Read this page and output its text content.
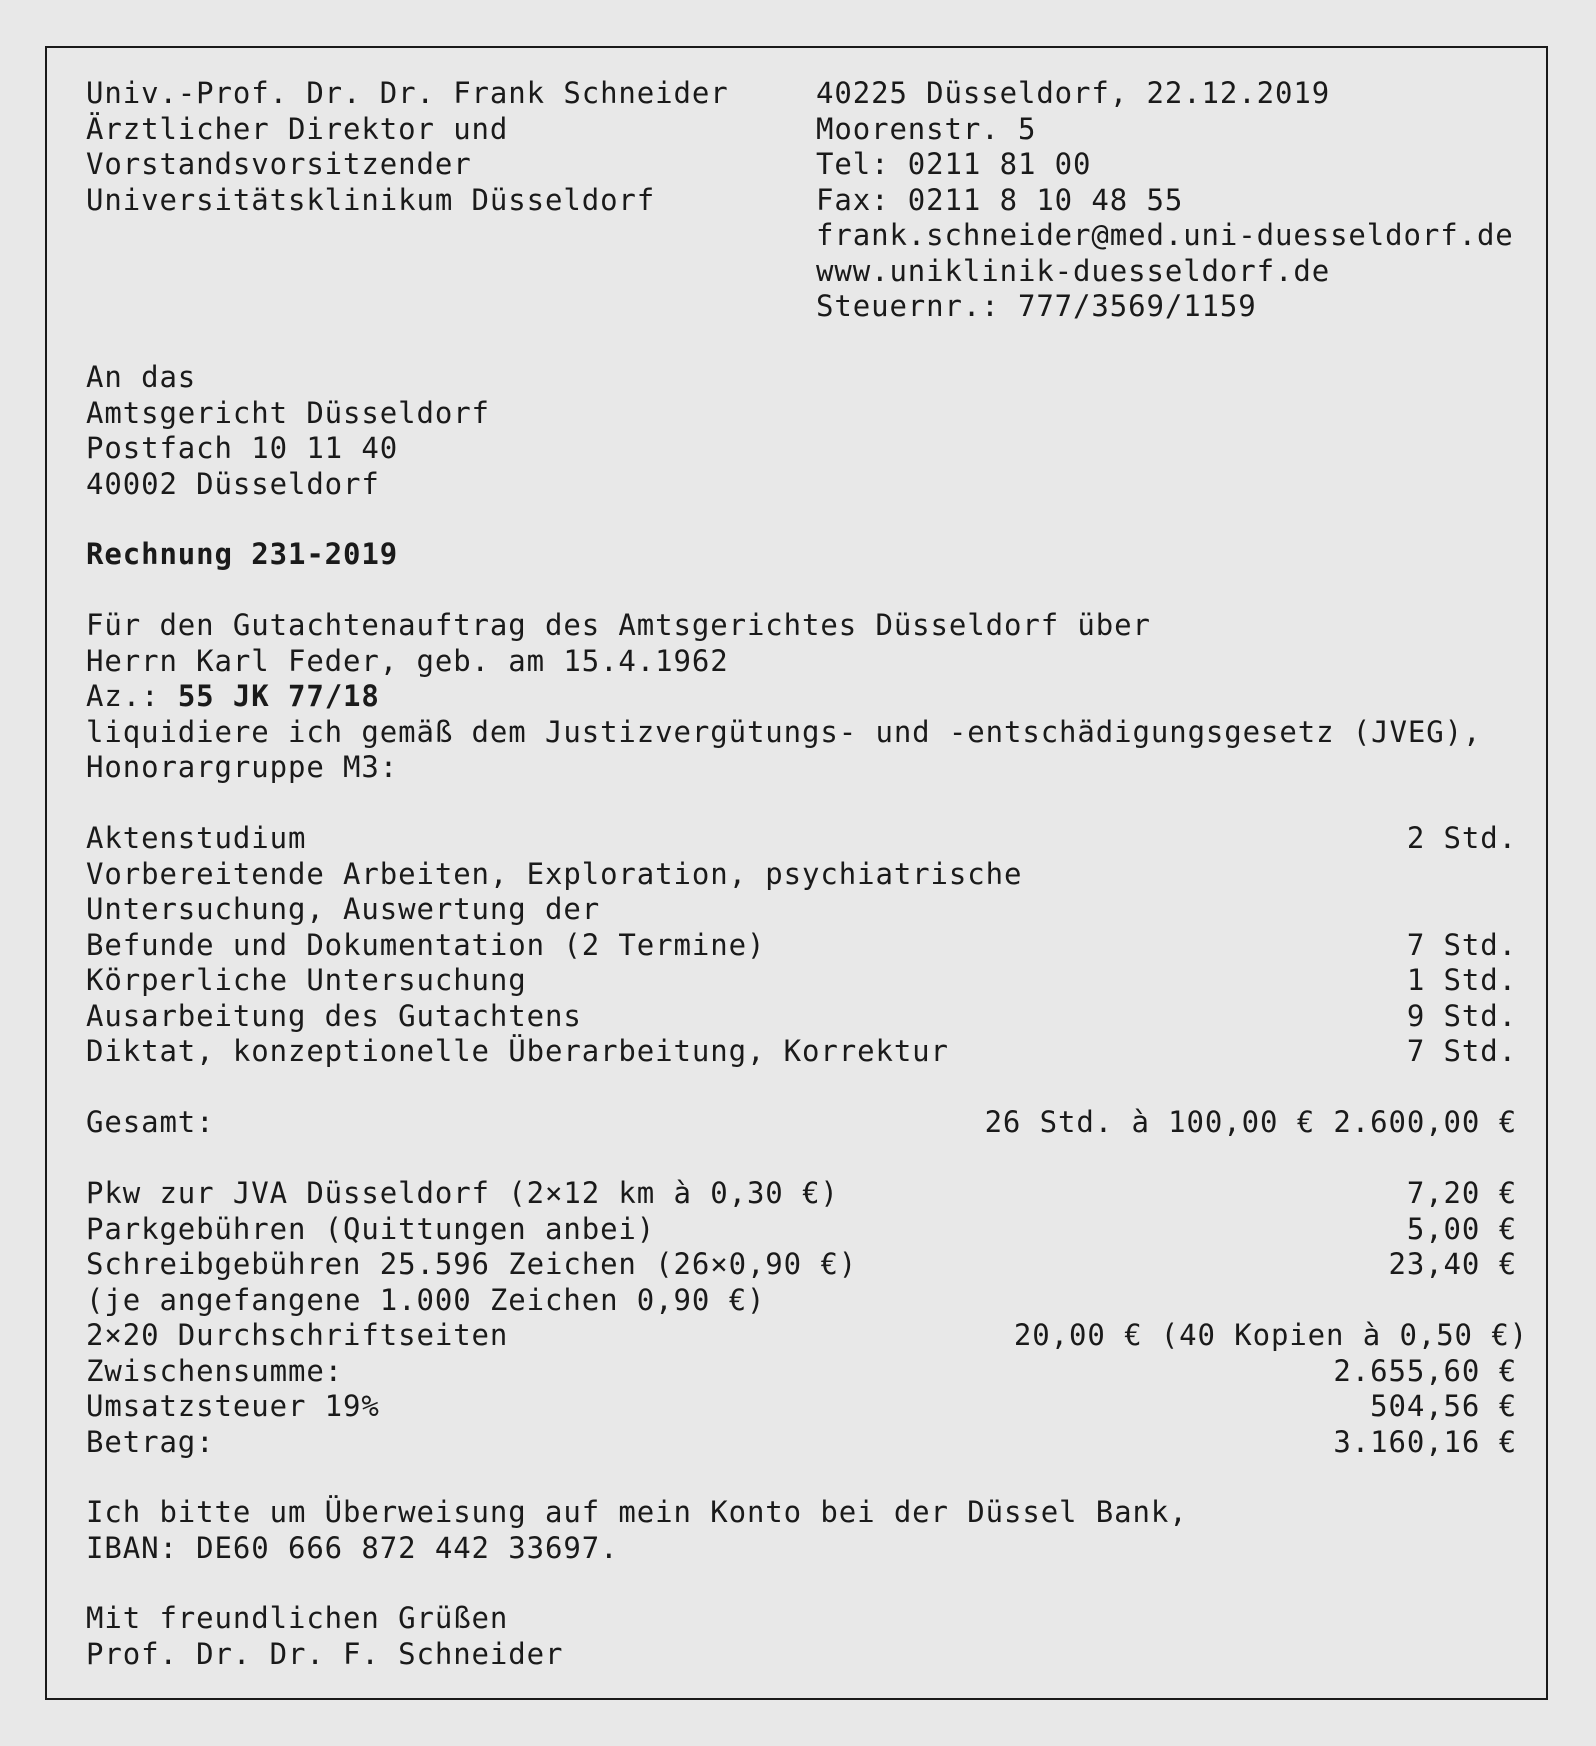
Univ.-Prof. Dr. Dr. Frank Schneider
Ärztlicher Direktor und
Vorstandsvorsitzender
Universitätsklinikum Düsseldorf
40225 Düsseldorf, 22.12.2019
Moorenstr. 5
Tel: 0211 81 00
Fax: 0211 8 10 48 55
frank.schneider@med.uni-duesseldorf.de
www.uniklinik-duesseldorf.de
Steuernr.: 777/3569/1159
An das
Amtsgericht Düsseldorf
Postfach 10 11 40
40002 Düsseldorf
Rechnung 231-2019
Für den Gutachtenauftrag des Amtsgerichtes Düsseldorf über
Herrn Karl Feder, geb. am 15.4.1962
Az.: 55 JK 77/18
liquidiere ich gemäß dem Justizvergütungs- und -entschädigungsgesetz (JVEG),
Honorargruppe M3:
Aktenstudium	2 Std.
Vorbereitende Arbeiten, Exploration, psychiatrische
Untersuchung, Auswertung der
Befunde und Dokumentation (2 Termine)	7 Std.
Körperliche Untersuchung	1 Std.
Ausarbeitung des Gutachtens	9 Std.
Diktat, konzeptionelle Überarbeitung, Korrektur	7 Std.
Gesamt:	26 Std. à 100,00 € 2.600,00 €
Pkw zur JVA Düsseldorf (2×12 km à 0,30 €)	7,20 €
Parkgebühren (Quittungen anbei)	5,00 €
Schreibgebühren 25.596 Zeichen (26×0,90 €)	23,40 €
(je angefangene 1.000 Zeichen 0,90 €)
2×20 Durchschriftseiten	20,00 € (40 Kopien à 0,50 €)
Zwischensumme:	2.655,60 €
Umsatzsteuer 19%	504,56 €
Betrag:	3.160,16 €
Ich bitte um Überweisung auf mein Konto bei der Düssel Bank,
IBAN: DE60 666 872 442 33697.
Mit freundlichen Grüßen
Prof. Dr. Dr. F. Schneider
